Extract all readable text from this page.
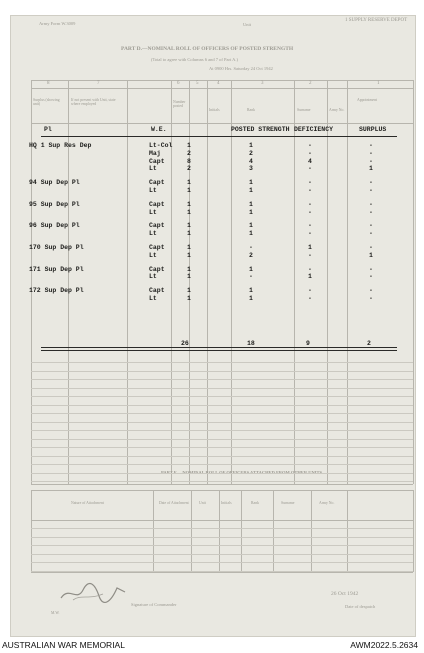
1 SUPPLY RESERVE DEPOT
Unit
Army Form W.3009
PART D.—NOMINAL ROLL OF OFFICERS OF POSTED STRENGTH
(Total to agree with Columns 6 and 7 of Part A.)
At 0900 Hrs. Saturday 24 Oct 1942
8	7	6	5	4	3	2	1
Surplus (showing unit)
If not present with Unit, state where employed	Number posted
Initials	Rank	Surname	Army No.
Appointment
Pl	W.E.	POSTED STRENGTH DEFICIENCY	SURPLUS
HQ 1 Sup Res Dep	Lt-Col 1	1	-	-
Maj	2	2	-	-
Capt	8	4	4	-
Lt	2	3	-	1
94 Sup Dep Pl	Capt	1	1	-	-
Lt	1	1	-	-
95 Sup Dep Pl	Capt	1	1	-	-
Lt	1	1	-	-
96 Sup Dep Pl	Capt	1	1	-	-
Lt	1	1	-	-
170 Sup Dep Pl	Capt	1	-	1	-
Lt	1	2	-	1
171 Sup Dep Pl	Capt	1	1	-	-
Lt	1	-	1	-
172 Sup Dep Pl	Capt	1	1	-	-
Lt	1	1	-	-
26	18	9	2
PART E.—NOMINAL ROLL OF OFFICERS ATTACHED FROM OTHER UNITS.
Nature of Attachment	Date of Attachment	Unit	Initials	Rank	Surname	Army No.
Signature of Commander
26 Oct 1942
Date of despatch
M.W.
AUSTRALIAN WAR MEMORIAL	AWM2022.5.2634
